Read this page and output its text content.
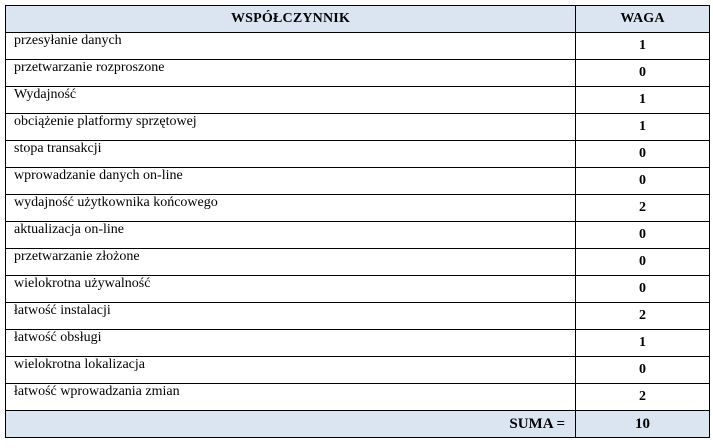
WSPÓŁCZYNNIK	WAGA
przesyłanie danych	1
przetwarzanie rozproszone	0
Wydajność	1
obciążenie platformy sprzętowej	1
stopa transakcji	0
wprowadzanie danych on-line	0
wydajność użytkownika końcowego	2
aktualizacja on-line	0
przetwarzanie złożone	0
wielokrotna używalność	0
łatwość instalacji	2
łatwość obsługi	1
wielokrotna lokalizacja	0
łatwość wprowadzania zmian	2
SUMA =	10
